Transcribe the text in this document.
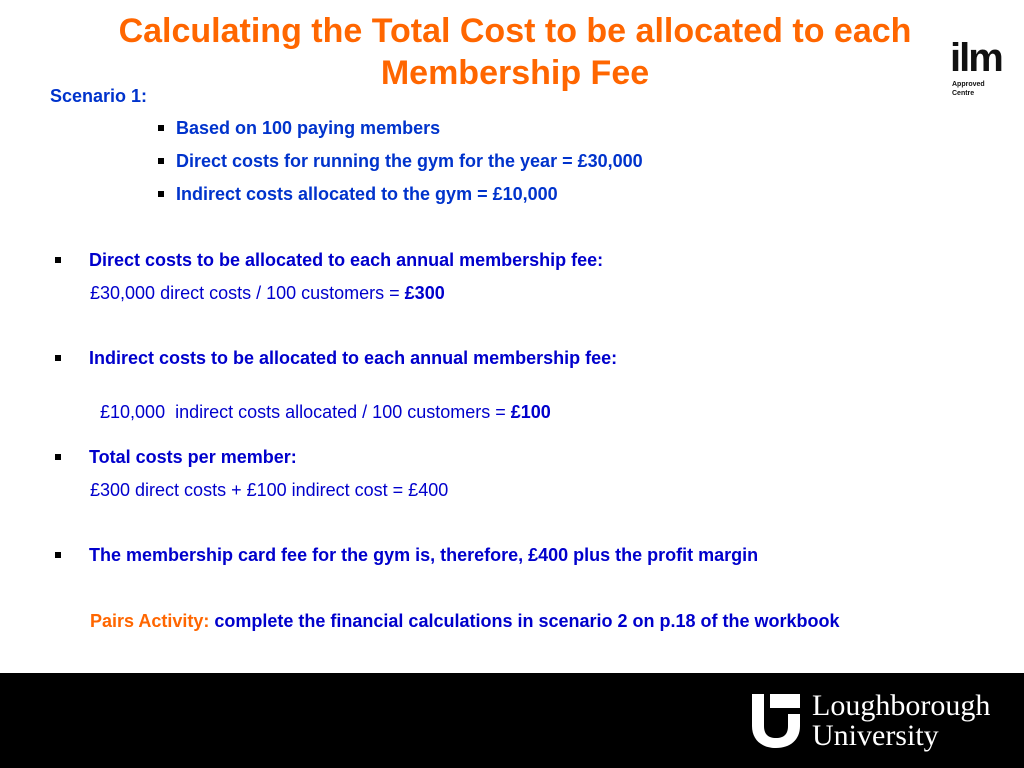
Calculating the Total Cost to be allocated to each Membership Fee	ilm
Approved
Centre
Scenario 1:
Based on 100 paying members
Direct costs for running the gym for the year = £30,000
Indirect costs allocated to the gym = £10,000
Direct costs to be allocated to each annual membership fee:
£30,000 direct costs / 100 customers = £300
Indirect costs to be allocated to each annual membership fee:

£10,000  indirect costs allocated / 100 customers = £100

Total costs per member:
£300 direct costs + £100 indirect cost = £400
The membership card fee for the gym is, therefore, £400 plus the profit margin
Pairs Activity: complete the financial calculations in scenario 2 on p.18 of the workbook
Loughborough
University
